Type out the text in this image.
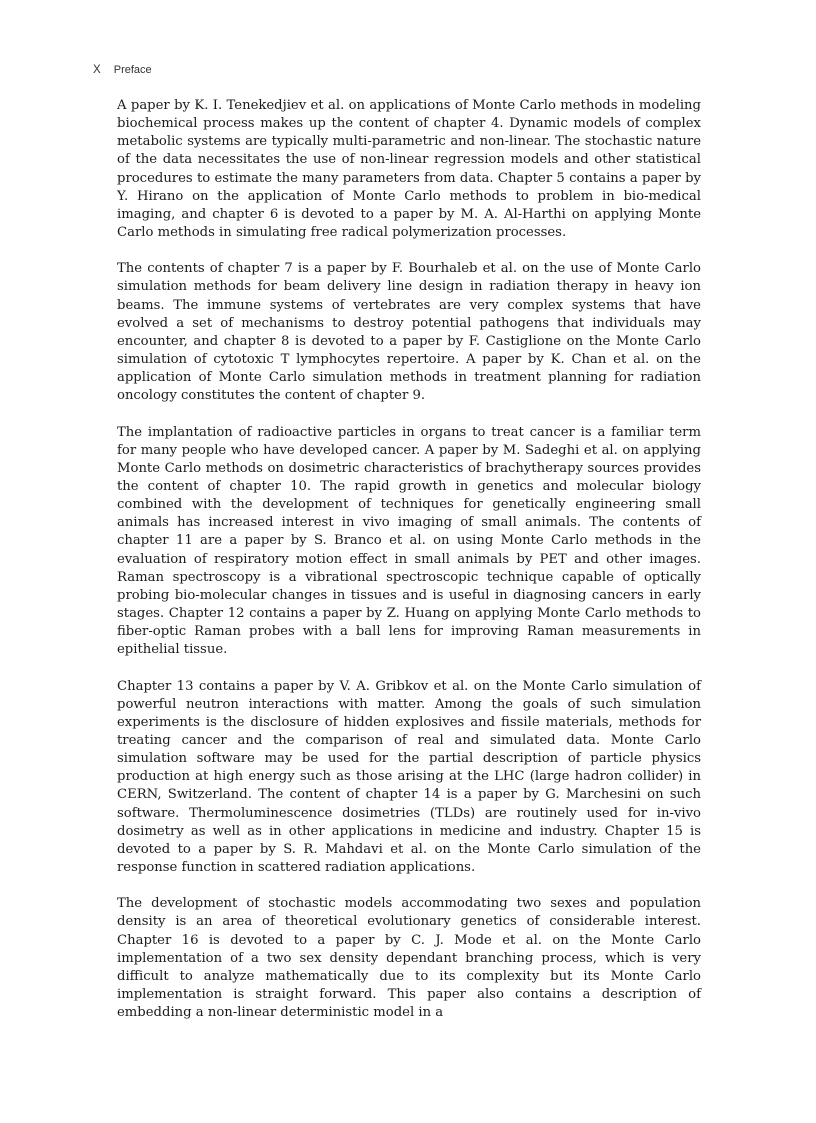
X Preface

A paper by K. I. Tenekedjiev et al. on applications of Monte Carlo methods in modeling biochemical process makes up the content of chapter 4. Dynamic models of complex metabolic systems are typically multi-parametric and non-linear. The stochastic nature of the data necessitates the use of non-linear regression models and other statistical procedures to estimate the many parameters from data. Chapter 5 contains a paper by Y. Hirano on the application of Monte Carlo methods to problem in bio-medical imaging, and chapter 6 is devoted to a paper by M. A. Al-Harthi on applying Monte Carlo methods in simulating free radical polymerization processes.

The contents of chapter 7 is a paper by F. Bourhaleb et al. on the use of Monte Carlo simulation methods for beam delivery line design in radiation therapy in heavy ion beams. The immune systems of vertebrates are very complex systems that have evolved a set of mechanisms to destroy potential pathogens that individuals may encounter, and chapter 8 is devoted to a paper by F. Castiglione on the Monte Carlo simulation of cytotoxic T lymphocytes repertoire. A paper by K. Chan et al. on the application of Monte Carlo simulation methods in treatment planning for radiation oncology constitutes the content of chapter 9.

The implantation of radioactive particles in organs to treat cancer is a familiar term for many people who have developed cancer. A paper by M. Sadeghi et al. on applying Monte Carlo methods on dosimetric characteristics of brachytherapy sources provides the content of chapter 10. The rapid growth in genetics and molecular biology combined with the development of techniques for genetically engineering small animals has increased interest in vivo imaging of small animals. The contents of chapter 11 are a paper by S. Branco et al. on using Monte Carlo methods in the evaluation of respiratory motion effect in small animals by PET and other images. Raman spectroscopy is a vibrational spectroscopic technique capable of optically probing bio-molecular changes in tissues and is useful in diagnosing cancers in early stages. Chapter 12 contains a paper by Z. Huang on applying Monte Carlo methods to fiber-optic Raman probes with a ball lens for improving Raman measurements in epithelial tissue.

Chapter 13 contains a paper by V. A. Gribkov et al. on the Monte Carlo simulation of powerful neutron interactions with matter. Among the goals of such simulation experiments is the disclosure of hidden explosives and fissile materials, methods for treating cancer and the comparison of real and simulated data. Monte Carlo simulation software may be used for the partial description of particle physics production at high energy such as those arising at the LHC (large hadron collider) in CERN, Switzerland. The content of chapter 14 is a paper by G. Marchesini on such software. Thermoluminescence dosimetries (TLDs) are routinely used for in-vivo dosimetry as well as in other applications in medicine and industry. Chapter 15 is devoted to a paper by S. R. Mahdavi et al. on the Monte Carlo simulation of the response function in scattered radiation applications.

The development of stochastic models accommodating two sexes and population density is an area of theoretical evolutionary genetics of considerable interest. Chapter 16 is devoted to a paper by C. J. Mode et al. on the Monte Carlo implementation of a two sex density dependant branching process, which is very difficult to analyze mathematically due to its complexity but its Monte Carlo implementation is straight forward. This paper also contains a description of embedding a non-linear deterministic model in a
